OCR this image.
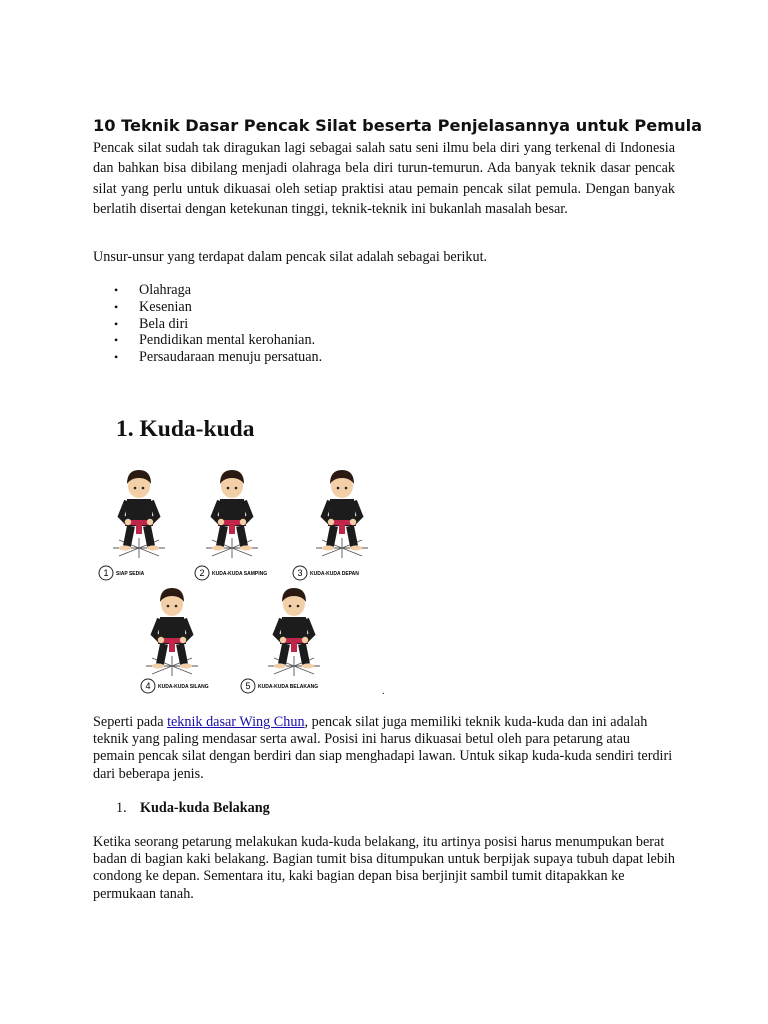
10 Teknik Dasar Pencak Silat beserta Penjelasannya untuk Pemula

Pencak silat sudah tak diragukan lagi sebagai salah satu seni ilmu bela diri yang terkenal di Indonesia dan bahkan bisa dibilang menjadi olahraga bela diri turun-temurun. Ada banyak teknik dasar pencak silat yang perlu untuk dikuasai oleh setiap praktisi atau pemain pencak silat pemula. Dengan banyak berlatih disertai dengan ketekunan tinggi, teknik-teknik ini bukanlah masalah besar.

Unsur-unsur yang terdapat dalam pencak silat adalah sebagai berikut.

• Olahraga
• Kesenian
• Bela diri
• Pendidikan mental kerohanian.
• Persaudaraan menuju persatuan.
1. Kuda-kuda
1 SIAP SEDIA	2 KUDA-KUDA SAMPING	3 KUDA-KUDA DEPAN
4 KUDA-KUDA SILANG	5 KUDA-KUDA BELAKANG	.

Seperti pada teknik dasar Wing Chun, pencak silat juga memiliki teknik kuda-kuda dan ini adalah teknik yang paling mendasar serta awal. Posisi ini harus dikuasai betul oleh para petarung atau pemain pencak silat dengan berdiri dan siap menghadapi lawan. Untuk sikap kuda-kuda sendiri terdiri dari beberapa jenis.

1. Kuda-kuda Belakang

Ketika seorang petarung melakukan kuda-kuda belakang, itu artinya posisi harus menumpukan berat badan di bagian kaki belakang. Bagian tumit bisa ditumpukan untuk berpijak supaya tubuh dapat lebih condong ke depan. Sementara itu, kaki bagian depan bisa berjinjit sambil tumit ditapakkan ke permukaan tanah.
